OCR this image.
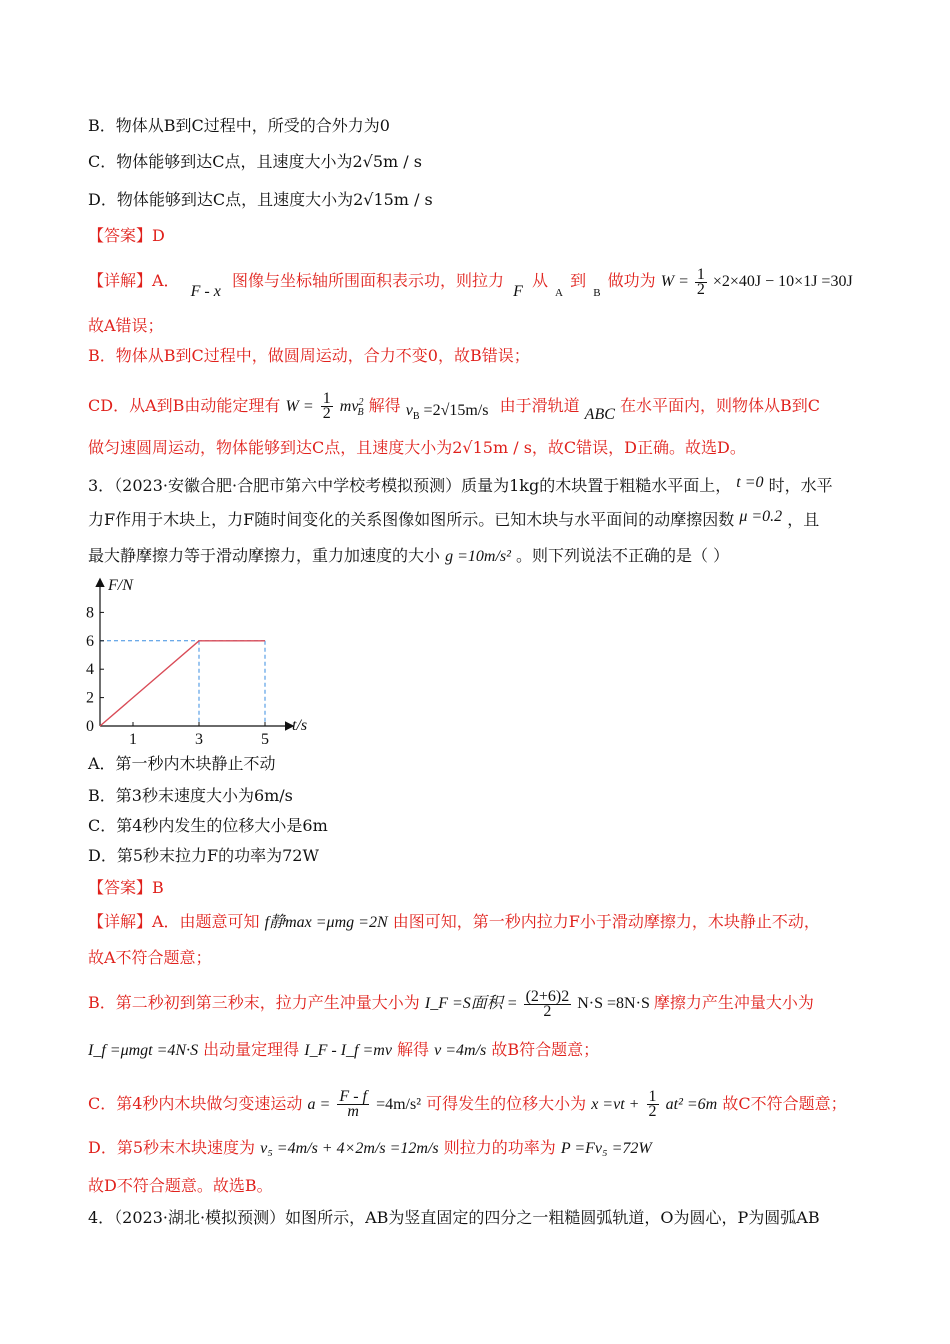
B．物体从B到C过程中，所受的合外力为0
C．物体能够到达C点，且速度大小为2√5m / s
D．物体能够到达C点，且速度大小为2√15m / s
【答案】D
【详解】A． F - x 图像与坐标轴所围面积表示功，则拉力 F 从 $_A$ 到 $_B$ 做功为 $W = \frac{1}{2} \times 2\times 40J - 10\times 1J =30J$
故A错误；
B．物体从B到C过程中，做圆周运动，合力不变0，故B错误；
CD．从A到B由动能定理有 $W = \frac{1}{2} mv^2_B$ 解得 $v_B =2√15m/s$ 由于滑轨道 ABC 在水平面内，则物体从B到C
做匀速圆周运动，物体能够到达C点，且速度大小为2√15m / s，故C错误，D正确。故选D。
3．（2023·安徽合肥·合肥市第六中学校考模拟预测）质量为1kg的木块置于粗糙水平面上， t =0 时，水平
力F作用于木块上，力F随时间变化的关系图像如图所示。已知木块与水平面间的动摩擦因数 μ =0.2 ，且
最大静摩擦力等于滑动摩擦力，重力加速度的大小 g =10m/s² 。则下列说法不正确的是（ ）
0
2
4
6
8
1	3	5
F/N
t/s
A．第一秒内木块静止不动
B．第3秒末速度大小为6m/s
C．第4秒内发生的位移大小是6m
D．第5秒末拉力F的功率为72W
【答案】B
【详解】A．由题意可知 f静max =μmg =2N 由图可知，第一秒内拉力F小于滑动摩擦力，木块静止不动，
故A不符合题意；
B．第二秒初到第三秒末，拉力产生冲量大小为 I_F =S面积 = $\frac{(2+6)2}{2} N\cdot S =8N\cdot S$ 摩擦力产生冲量大小为
I_f =μmgt =4N·S 出动量定理得 I_F - I_f =mv 解得 v =4m/s 故B符合题意；
C．第4秒内木块做匀变速运动 $a = \frac{F - f}{m} =4m/s^2$ 可得发生的位移大小为 $x =vt + \frac{1}{2} at^2 =6m$ 故C不符合题意；
D．第5秒末木块速度为 v₅ =4m/s + 4×2m/s =12m/s 则拉力的功率为 P =Fv₅ =72W
故D不符合题意。故选B。
4．（2023·湖北·模拟预测）如图所示，AB为竖直固定的四分之一粗糙圆弧轨道，O为圆心，P为圆弧AB
